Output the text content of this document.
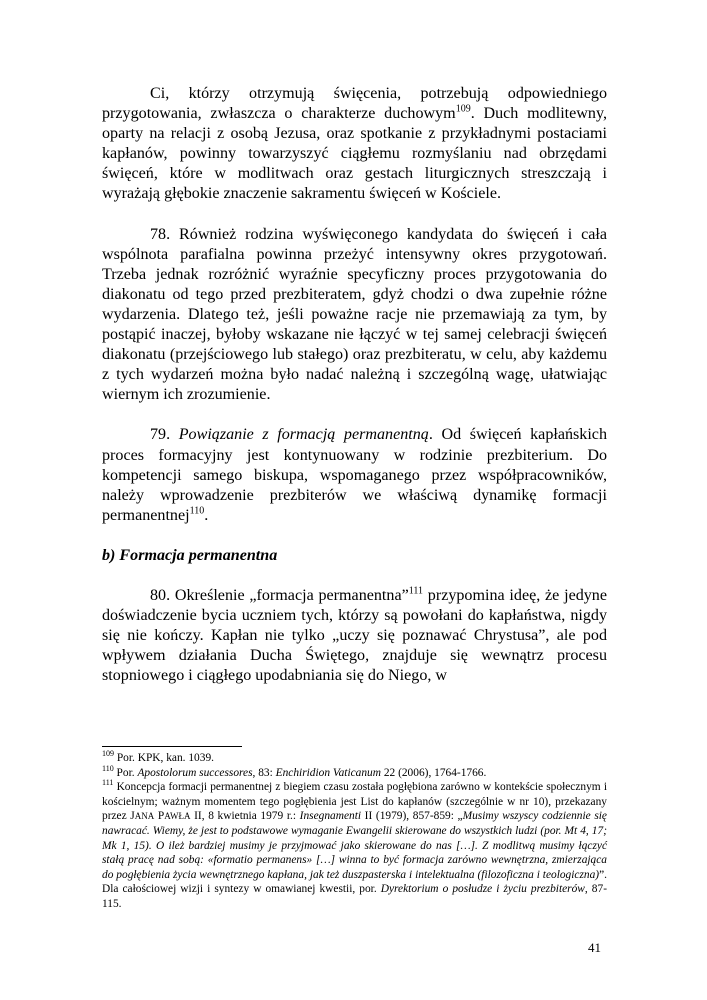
Ci, którzy otrzymują święcenia, potrzebują odpowiedniego przygotowania, zwłaszcza o charakterze duchowym$^{109}$. Duch modlitewny, oparty na relacji z osobą Jezusa, oraz spotkanie z przykładnymi postaciami kapłanów, powinny towarzyszyć ciągłemu rozmyślaniu nad obrzędami święceń, które w modlitwach oraz gestach liturgicznych streszczają i wyrażają głębokie znaczenie sakramentu święceń w Kościele.

78. Również rodzina wyświęconego kandydata do święceń i cała wspólnota parafialna powinna przeżyć intensywny okres przygotowań. Trzeba jednak rozróżnić wyraźnie specyficzny proces przygotowania do diakonatu od tego przed prezbiteratem, gdyż chodzi o dwa zupełnie różne wydarzenia. Dlatego też, jeśli poważne racje nie przemawiają za tym, by postąpić inaczej, byłoby wskazane nie łączyć w tej samej celebracji święceń diakonatu (przejściowego lub stałego) oraz prezbiteratu, w celu, aby każdemu z tych wydarzeń można było nadać należną i szczególną wagę, ułatwiając wiernym ich zrozumienie.

79. Powiązanie z formacją permanentną. Od święceń kapłańskich proces formacyjny jest kontynuowany w rodzinie prezbiterium. Do kompetencji samego biskupa, wspomaganego przez współpracowników, należy wprowadzenie prezbiterów we właściwą dynamikę formacji permanentnej$^{110}$.

b) Formacja permanentna

80. Określenie „formacja permanentna”$^{111}$ przypomina ideę, że jedyne doświadczenie bycia uczniem tych, którzy są powołani do kapłaństwa, nigdy się nie kończy. Kapłan nie tylko „uczy się poznawać Chrystusa”, ale pod wpływem działania Ducha Świętego, znajduje się wewnątrz procesu stopniowego i ciągłego upodabniania się do Niego, w

$^{109}$ Por. KPK, kan. 1039.

$^{110}$ Por. Apostolorum successores, 83: Enchiridion Vaticanum 22 (2006), 1764-1766.

$^{111}$ Koncepcja formacji permanentnej z biegiem czasu została pogłębiona zarówno w kontekście społecznym i kościelnym; ważnym momentem tego pogłębienia jest List do kapłanów (szczególnie w nr 10), przekazany przez JANA PAWŁA II, 8 kwietnia 1979 r.: Insegnamenti II (1979), 857-859: „Musimy wszyscy codziennie się nawracać. Wiemy, że jest to podstawowe wymaganie Ewangelii skierowane do wszystkich ludzi (por. Mt 4, 17; Mk 1, 15). O ileż bardziej musimy je przyjmować jako skierowane do nas […]. Z modlitwą musimy łączyć stałą pracę nad sobą: «formatio permanens» […] winna to być formacja zarówno wewnętrzna, zmierzająca do pogłębienia życia wewnętrznego kapłana, jak też duszpasterska i intelektualna (filozoficzna i teologiczna)”. Dla całościowej wizji i syntezy w omawianej kwestii, por. Dyrektorium o posłudze i życiu prezbiterów, 87-115.

41
